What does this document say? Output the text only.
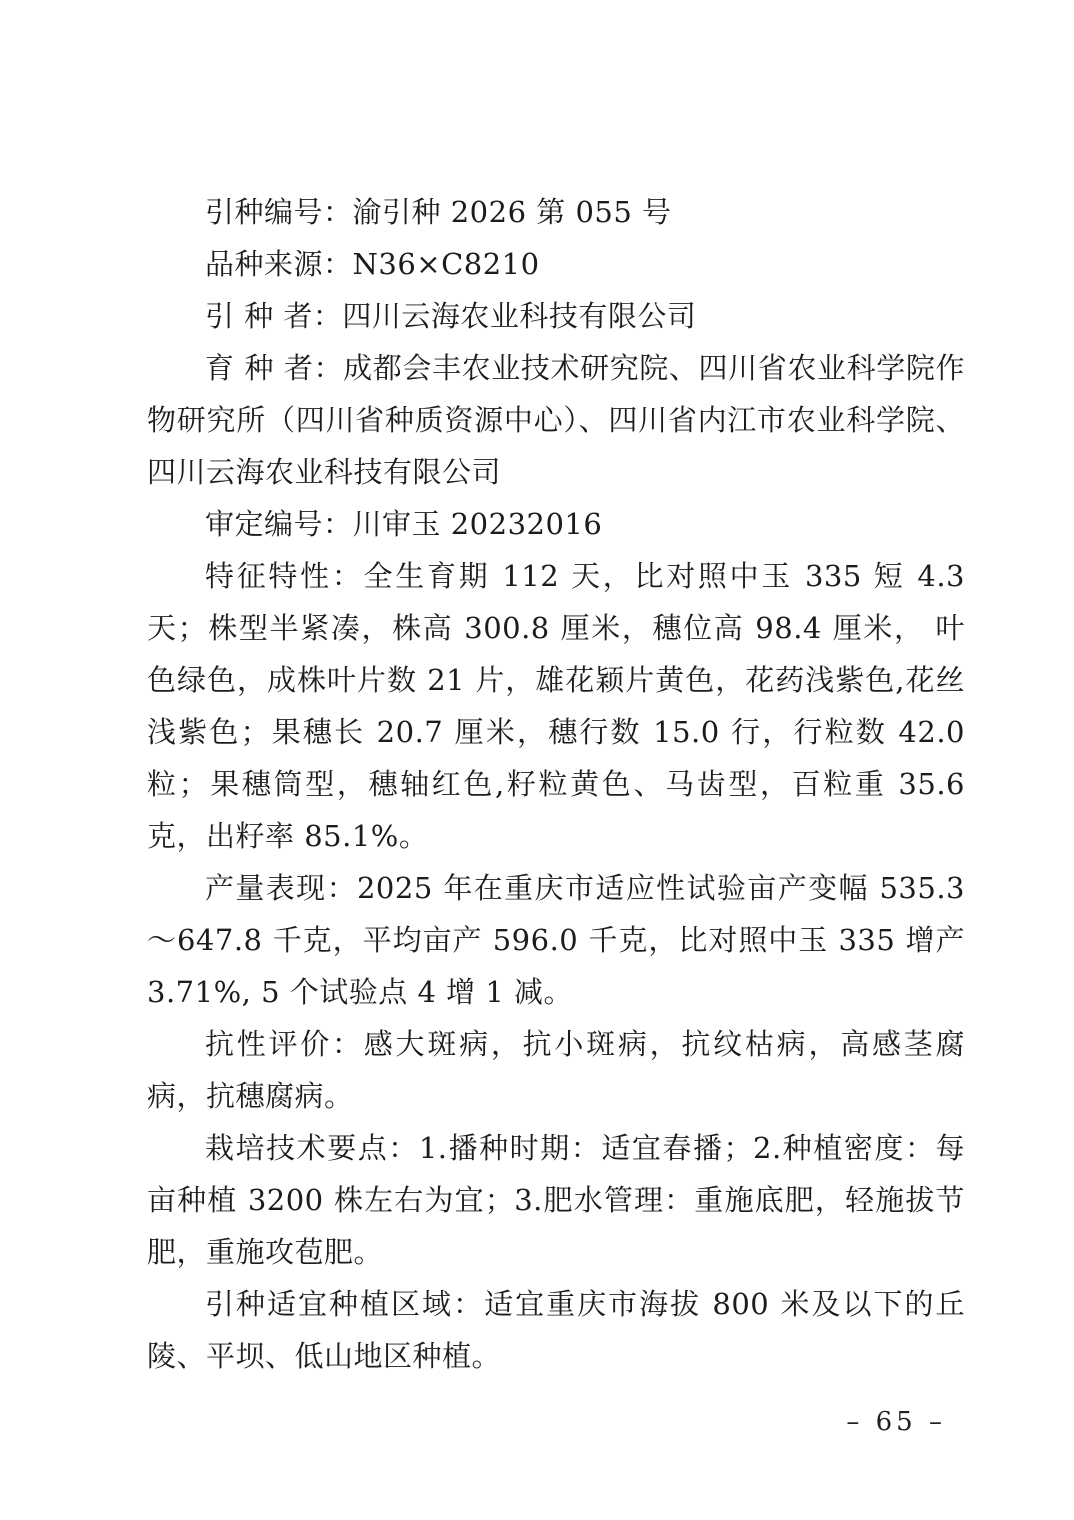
引种编号：渝引种 2026 第 055 号

品种来源：N36×C8210

引 种 者：四川云海农业科技有限公司

育 种 者：成都会丰农业技术研究院、四川省农业科学院作物研究所（四川省种质资源中心）、四川省内江市农业科学院、四川云海农业科技有限公司

审定编号：川审玉 20232016

特征特性：全生育期 112 天，比对照中玉 335 短 4.3 天；株型半紧凑，株高 300.8 厘米，穗位高 98.4 厘米， 叶色绿色，成株叶片数 21 片，雄花颖片黄色，花药浅紫色,花丝浅紫色；果穗长 20.7 厘米，穗行数 15.0 行，行粒数 42.0 粒；果穗筒型，穗轴红色,籽粒黄色、马齿型，百粒重 35.6 克，出籽率 85.1%。

产量表现：2025 年在重庆市适应性试验亩产变幅 535.3～647.8 千克，平均亩产 596.0 千克，比对照中玉 335 增产 3.71%, 5 个试验点 4 增 1 减。

抗性评价：感大斑病，抗小斑病，抗纹枯病，高感茎腐病，抗穗腐病。

栽培技术要点：1.播种时期：适宜春播；2.种植密度：每亩种植 3200 株左右为宜；3.肥水管理：重施底肥，轻施拔节肥，重施攻苞肥。

引种适宜种植区域：适宜重庆市海拔 800 米及以下的丘陵、平坝、低山地区种植。

– 65 –
